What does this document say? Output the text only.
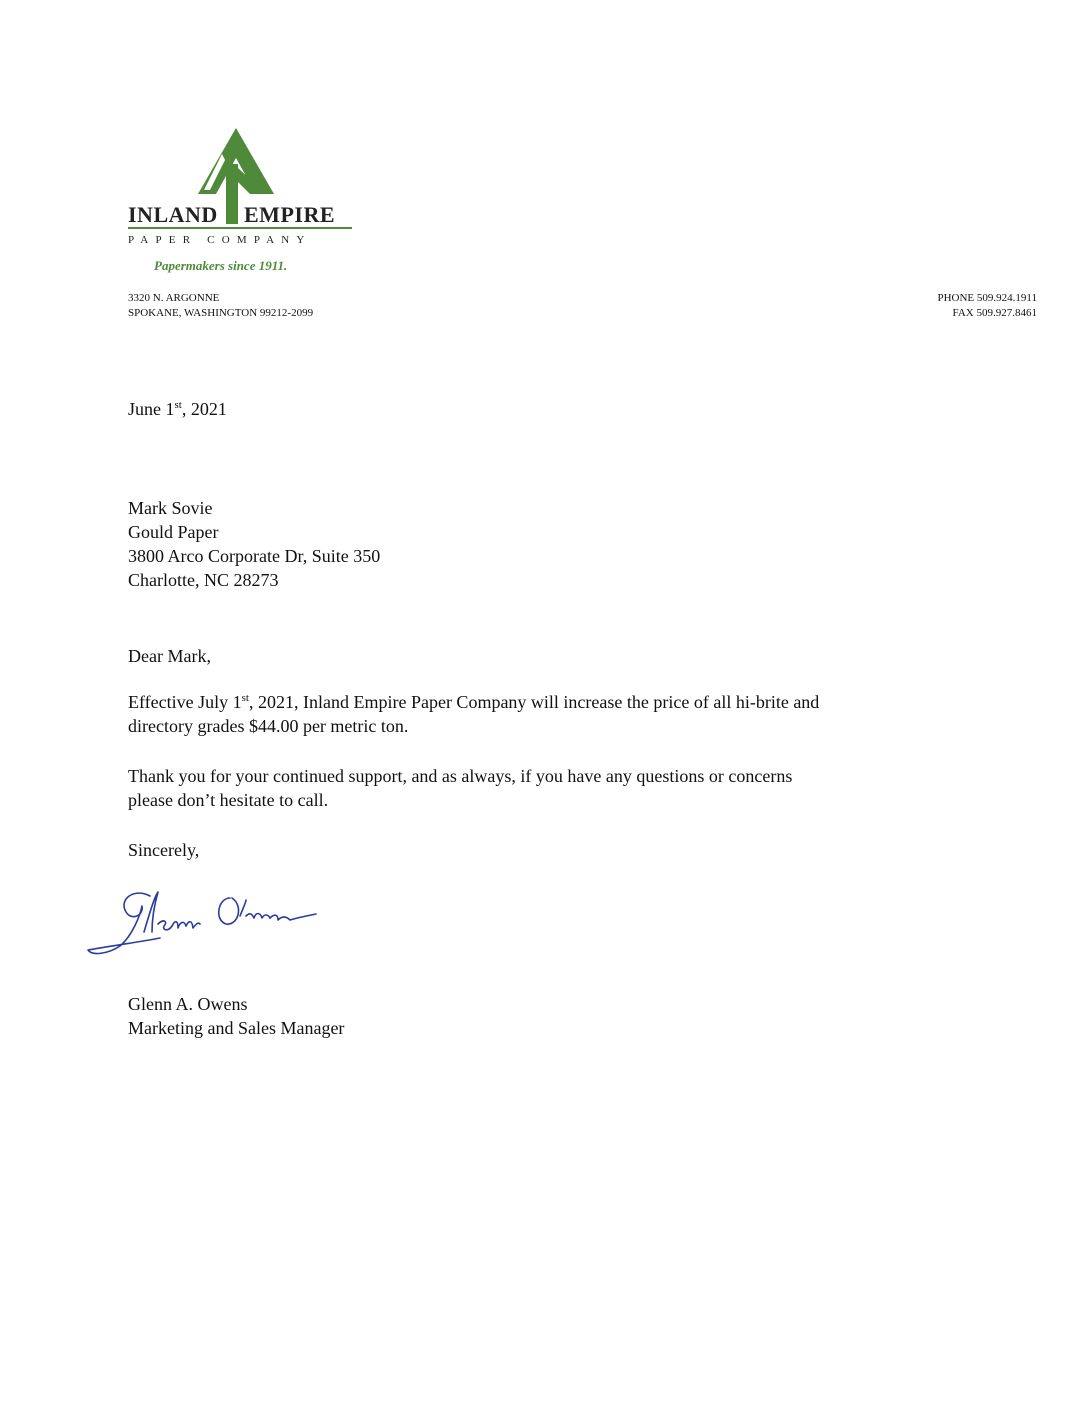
INLAND EMPIRE
PAPER COMPANY
Papermakers since 1911.
3320 N. ARGONNE
SPOKANE, WASHINGTON 99212-2099
PHONE 509.924.1911
FAX 509.927.8461
June 1st, 2021
Mark Sovie
Gould Paper
3800 Arco Corporate Dr, Suite 350
Charlotte, NC 28273
Dear Mark,
Effective July 1st, 2021, Inland Empire Paper Company will increase the price of all hi-brite and
directory grades $44.00 per metric ton.
Thank you for your continued support, and as always, if you have any questions or concerns
please don’t hesitate to call.
Sincerely,
Glenn A. Owens
Marketing and Sales Manager
